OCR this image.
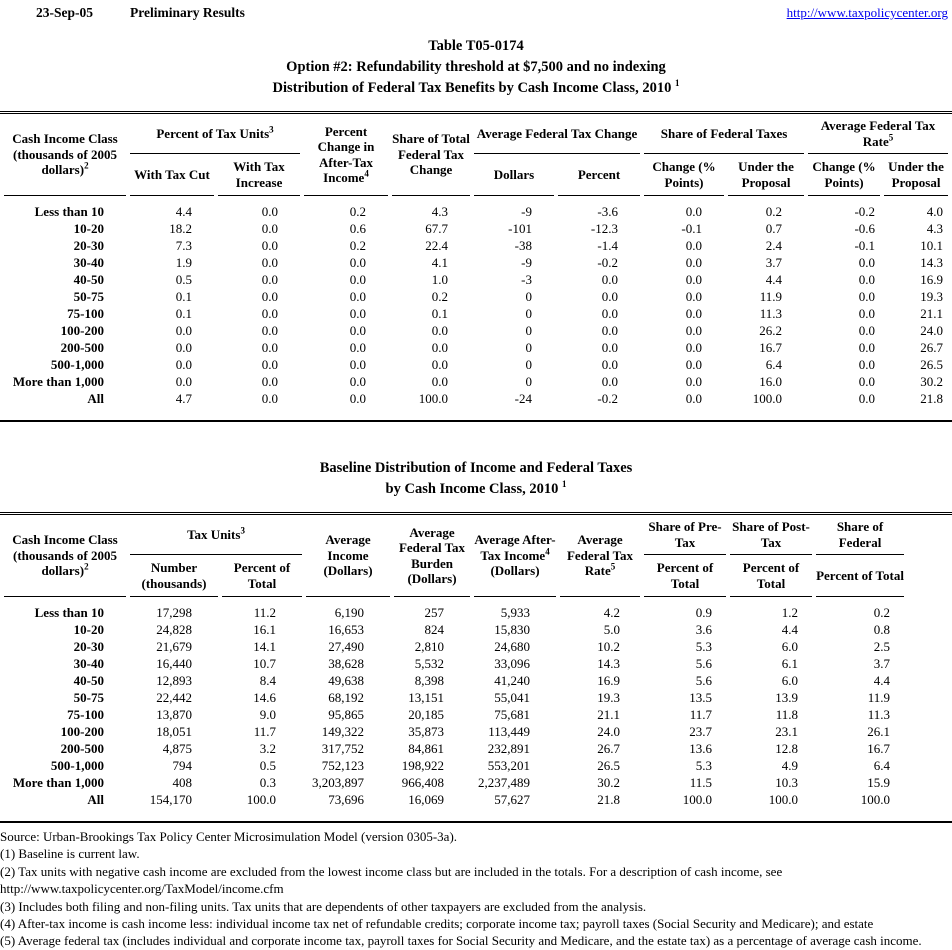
23-Sep-05	Preliminary Results	http://www.taxpolicycenter.org
Table T05-0174
Option #2: Refundability threshold at $7,500 and no indexing
Distribution of Federal Tax Benefits by Cash Income Class, 2010 $^1$
Cash Income Class (thousands of 2005 dollars)$^2$	Percent of Tax Units$^3$		Percent Change in After-Tax Income$^4$	Share of Total Federal Tax Change	Average Federal Tax Change		Share of Federal Taxes		Average Federal Tax Rate$^5$
	With Tax Cut	With Tax Increase			Dollars	Percent	Change (% Points)	Under the Proposal	Change (% Points)	Under the Proposal
Less than 10	4.4	0.0	0.2	4.3	-9	-3.6	0.0	0.2	-0.2	4.0
10-20	18.2	0.0	0.6	67.7	-101	-12.3	-0.1	0.7	-0.6	4.3
20-30	7.3	0.0	0.2	22.4	-38	-1.4	0.0	2.4	-0.1	10.1
30-40	1.9	0.0	0.0	4.1	-9	-0.2	0.0	3.7	0.0	14.3
40-50	0.5	0.0	0.0	1.0	-3	0.0	0.0	4.4	0.0	16.9
50-75	0.1	0.0	0.0	0.2	0	0.0	0.0	11.9	0.0	19.3
75-100	0.1	0.0	0.0	0.1	0	0.0	0.0	11.3	0.0	21.1
100-200	0.0	0.0	0.0	0.0	0	0.0	0.0	26.2	0.0	24.0
200-500	0.0	0.0	0.0	0.0	0	0.0	0.0	16.7	0.0	26.7
500-1,000	0.0	0.0	0.0	0.0	0	0.0	0.0	6.4	0.0	26.5
More than 1,000	0.0	0.0	0.0	0.0	0	0.0	0.0	16.0	0.0	30.2
All	4.7	0.0	0.0	100.0	-24	-0.2	0.0	100.0	0.0	21.8
Baseline Distribution of Income and Federal Taxes
by Cash Income Class, 2010 $^1$
Cash Income Class (thousands of 2005 dollars)$^2$	Tax Units$^3$		Average Income (Dollars)	Average Federal Tax Burden (Dollars)	Average After-Tax Income$^4$ (Dollars)	Average Federal Tax Rate$^5$	Share of Pre-Tax	Share of Post-Tax	Share of Federal	
	Number (thousands)	Percent of Total					Percent of Total	Percent of Total	Percent of Total	
Less than 10	17,298	11.2	6,190	257	5,933	4.2	0.9	1.2	0.2	
10-20	24,828	16.1	16,653	824	15,830	5.0	3.6	4.4	0.8	
20-30	21,679	14.1	27,490	2,810	24,680	10.2	5.3	6.0	2.5	
30-40	16,440	10.7	38,628	5,532	33,096	14.3	5.6	6.1	3.7	
40-50	12,893	8.4	49,638	8,398	41,240	16.9	5.6	6.0	4.4	
50-75	22,442	14.6	68,192	13,151	55,041	19.3	13.5	13.9	11.9	
75-100	13,870	9.0	95,865	20,185	75,681	21.1	11.7	11.8	11.3	
100-200	18,051	11.7	149,322	35,873	113,449	24.0	23.7	23.1	26.1	
200-500	4,875	3.2	317,752	84,861	232,891	26.7	13.6	12.8	16.7	
500-1,000	794	0.5	752,123	198,922	553,201	26.5	5.3	4.9	6.4	
More than 1,000	408	0.3	3,203,897	966,408	2,237,489	30.2	11.5	10.3	15.9	
All	154,170	100.0	73,696	16,069	57,627	21.8	100.0	100.0	100.0	
Source: Urban-Brookings Tax Policy Center Microsimulation Model (version 0305-3a).
(1) Baseline is current law.
(2) Tax units with negative cash income are excluded from the lowest income class but are included in the totals. For a description of cash income, see
http://www.taxpolicycenter.org/TaxModel/income.cfm
(3) Includes both filing and non-filing units. Tax units that are dependents of other taxpayers are excluded from the analysis.
(4) After-tax income is cash income less: individual income tax net of refundable credits; corporate income tax; payroll taxes (Social Security and Medicare); and estate
(5) Average federal tax (includes individual and corporate income tax, payroll taxes for Social Security and Medicare, and the estate tax) as a percentage of average cash income.
